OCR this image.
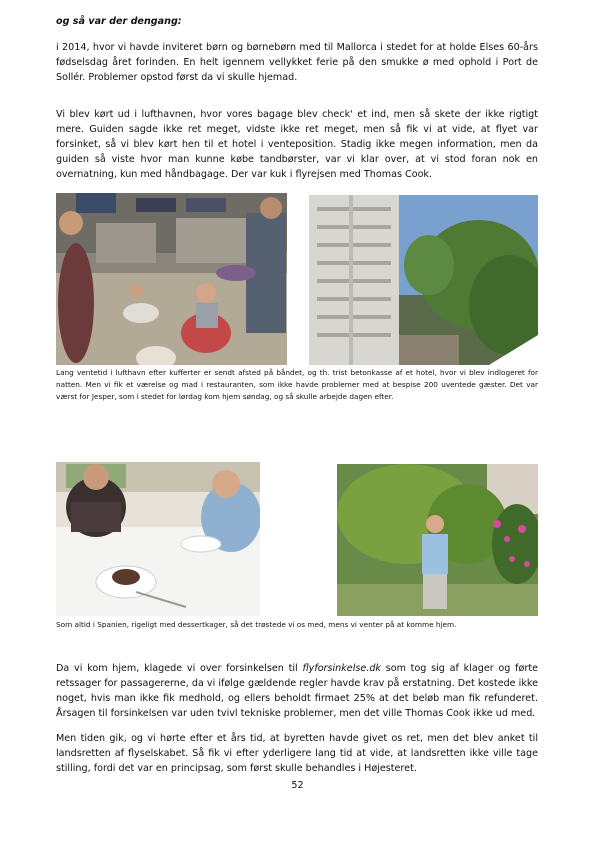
og så var der dengang:

i 2014, hvor vi havde inviteret børn og børnebørn med til Mallorca i stedet for at holde Elses 60-års fødselsdag året forinden. En helt igennem vellykket ferie på den smukke ø med ophold i Port de Sollér. Problemer opstod først da vi skulle hjemad.

Vi blev kørt ud i lufthavnen, hvor vores bagage blev check' et ind, men så skete der ikke rigtigt mere. Guiden sagde ikke ret meget, vidste ikke ret meget, men så fik vi at vide, at flyet var forsinket, så vi blev kørt hen til et hotel i venteposition. Stadig ikke megen information, men da guiden så viste hvor man kunne købe tandbørster, var vi klar over, at vi stod foran nok en overnatning, kun med håndbagage. Der var kuk i flyrejsen med Thomas Cook.

Lang ventetid i lufthavn efter kufferter er sendt afsted på båndet, og th. trist betonkasse af et hotel, hvor vi blev indlogeret for natten. Men vi fik et værelse og mad i restauranten, som ikke havde problemer med at bespise 200 uventede gæster. Det var værst for Jesper, som i stedet for lørdag kom hjem søndag, og så skulle arbejde dagen efter.

Som altid i Spanien, rigeligt med dessertkager, så det trøstede vi os med, mens vi venter på at komme hjem.

Da vi kom hjem, klagede vi over forsinkelsen til flyforsinkelse.dk som tog sig af klager og førte retssager for passagererne, da vi ifølge gældende regler havde krav på erstatning. Det kostede ikke noget, hvis man ikke fik medhold, og ellers beholdt firmaet 25% at det beløb man fik refunderet. Årsagen til forsinkelsen var uden tvivl tekniske problemer, men det ville Thomas Cook ikke ud med.

Men tiden gik, og vi hørte efter et års tid, at byretten havde givet os ret, men det blev anket til landsretten af flyselskabet. Så fik vi efter yderligere lang tid at vide, at landsretten ikke ville tage stilling, fordi det var en principsag, som først skulle behandles i Højesteret.

52
